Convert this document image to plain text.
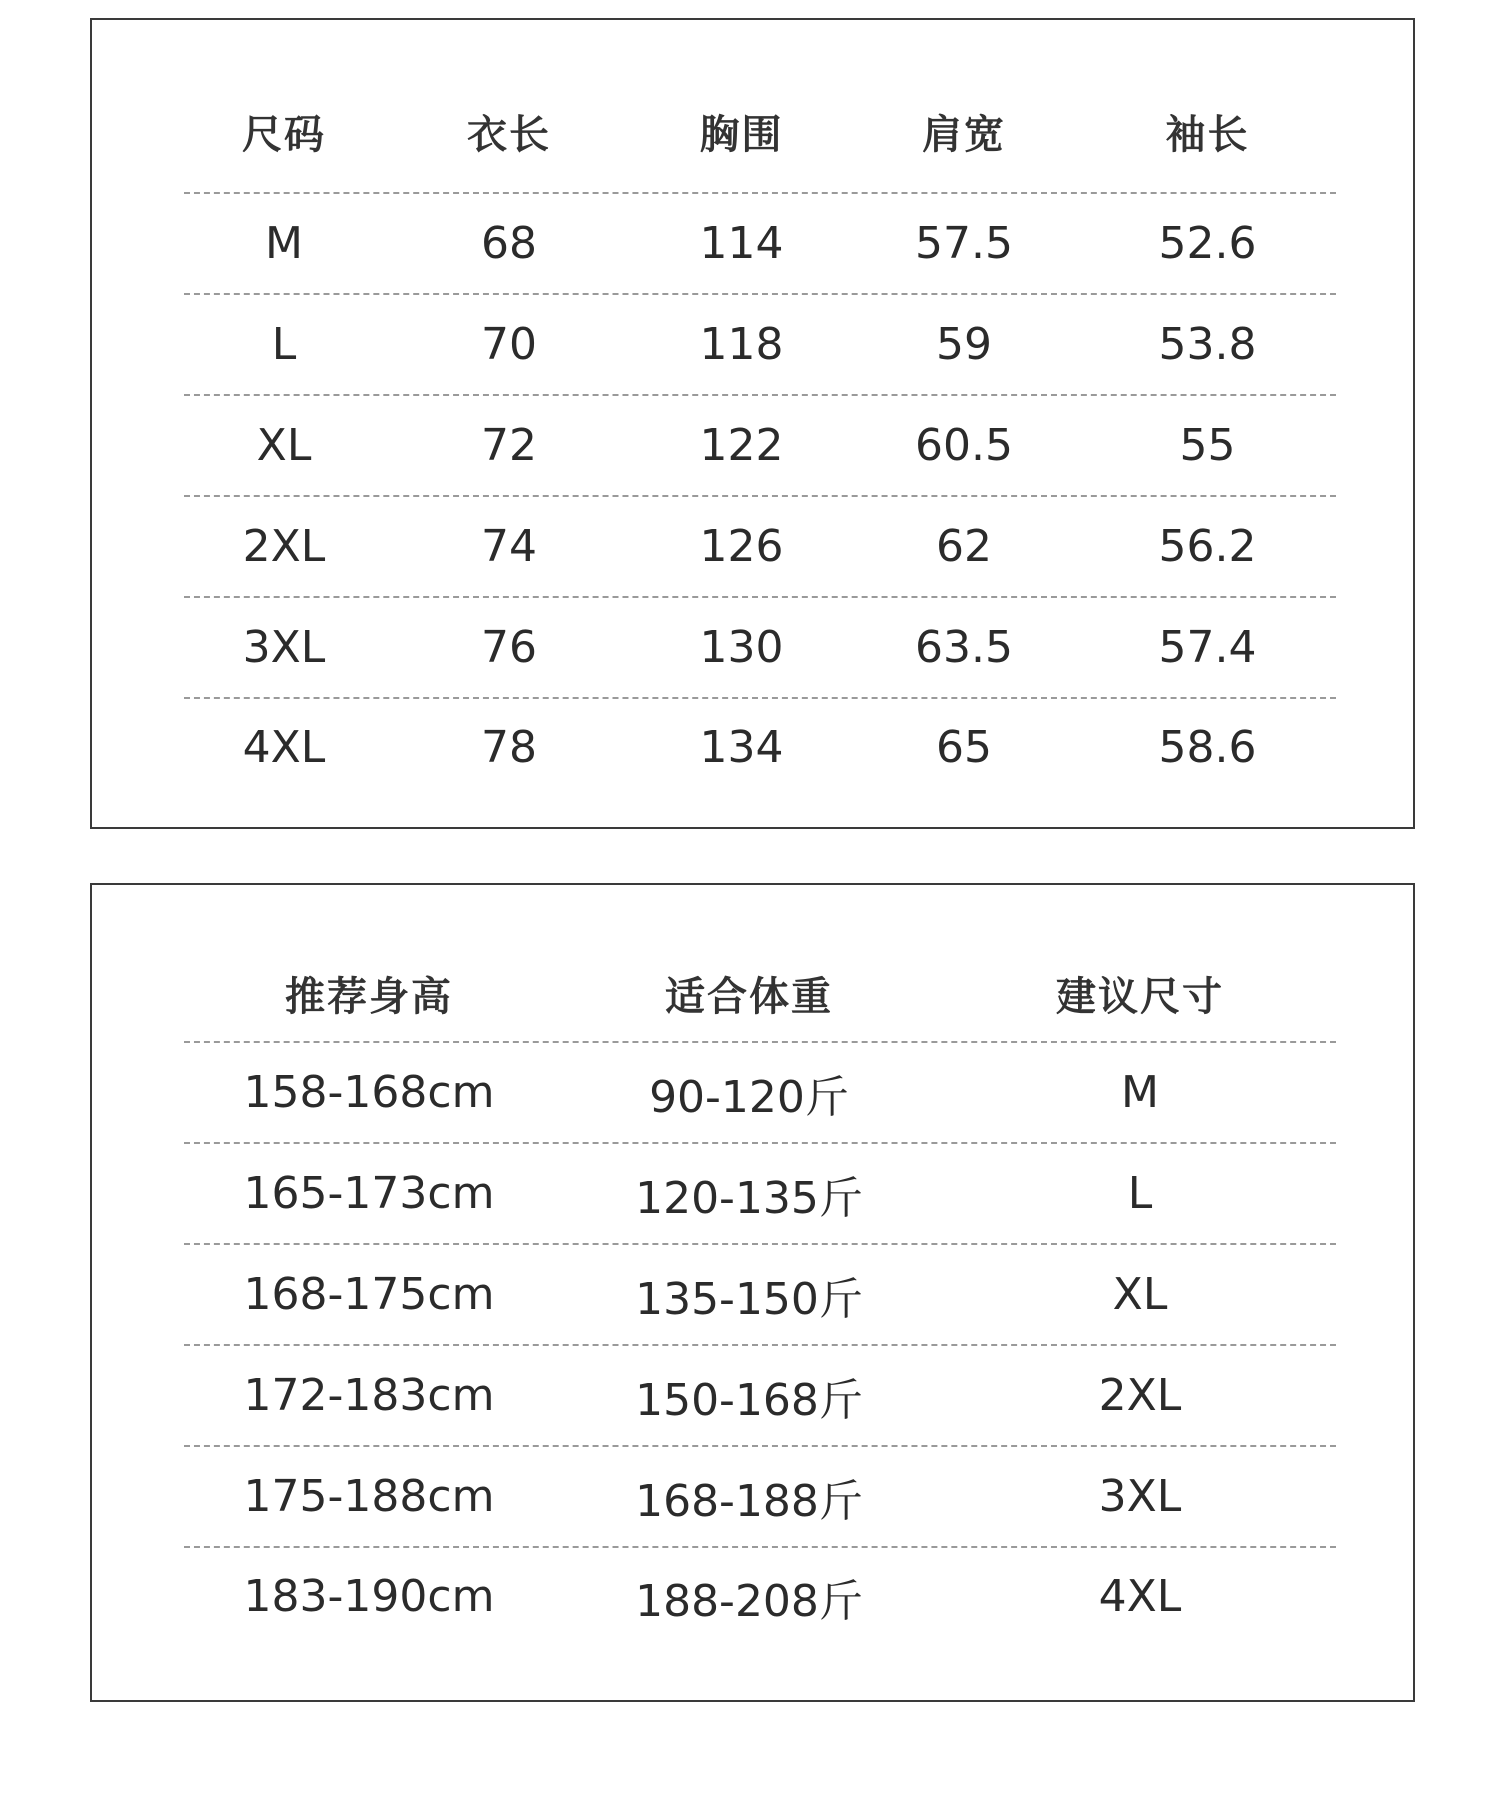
尺码	衣长	胸围	肩宽	袖长
M	68	114	57.5	52.6
L	70	118	59	53.8
XL	72	122	60.5	55
2XL	74	126	62	56.2
3XL	76	130	63.5	57.4
4XL	78	134	65	58.6
推荐身高	适合体重	建议尺寸
158-168cm	90-120斤	M
165-173cm	120-135斤	L
168-175cm	135-150斤	XL
172-183cm	150-168斤	2XL
175-188cm	168-188斤	3XL
183-190cm	188-208斤	4XL
